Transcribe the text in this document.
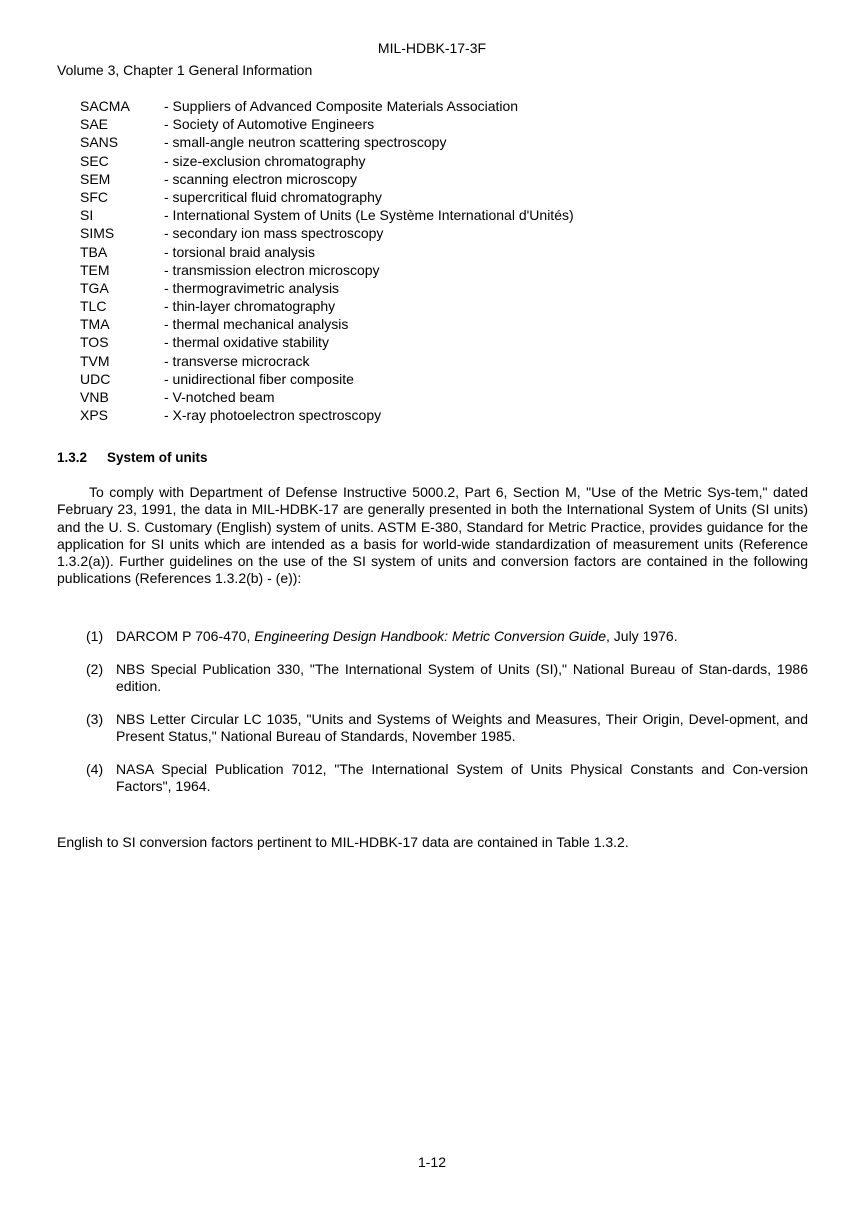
MIL-HDBK-17-3F
Volume 3, Chapter 1 General Information
SACMA	- Suppliers of Advanced Composite Materials Association
SAE	- Society of Automotive Engineers
SANS	- small-angle neutron scattering spectroscopy
SEC	- size-exclusion chromatography
SEM	- scanning electron microscopy
SFC	- supercritical fluid chromatography
SI	- International System of Units (Le Système International d'Unités)
SIMS	- secondary ion mass spectroscopy
TBA	- torsional braid analysis
TEM	- transmission electron microscopy
TGA	- thermogravimetric analysis
TLC	- thin-layer chromatography
TMA	- thermal mechanical analysis
TOS	- thermal oxidative stability
TVM	- transverse microcrack
UDC	- unidirectional fiber composite
VNB	- V-notched beam
XPS	- X-ray photoelectron spectroscopy
1.3.2 System of units

To comply with Department of Defense Instructive 5000.2, Part 6, Section M, "Use of the Metric Sys-tem," dated February 23, 1991, the data in MIL-HDBK-17 are generally presented in both the International System of Units (SI units) and the U. S. Customary (English) system of units. ASTM E-380, Standard for Metric Practice, provides guidance for the application for SI units which are intended as a basis for world-wide standardization of measurement units (Reference 1.3.2(a)). Further guidelines on the use of the SI system of units and conversion factors are contained in the following publications (References 1.3.2(b) - (e)):

(1) DARCOM P 706-470, Engineering Design Handbook: Metric Conversion Guide, July 1976.
(2) NBS Special Publication 330, "The International System of Units (SI)," National Bureau of Stan-dards, 1986 edition.
(3) NBS Letter Circular LC 1035, "Units and Systems of Weights and Measures, Their Origin, Devel-opment, and Present Status," National Bureau of Standards, November 1985.
(4) NASA Special Publication 7012, "The International System of Units Physical Constants and Con-version Factors", 1964.

English to SI conversion factors pertinent to MIL-HDBK-17 data are contained in Table 1.3.2.

1-12
